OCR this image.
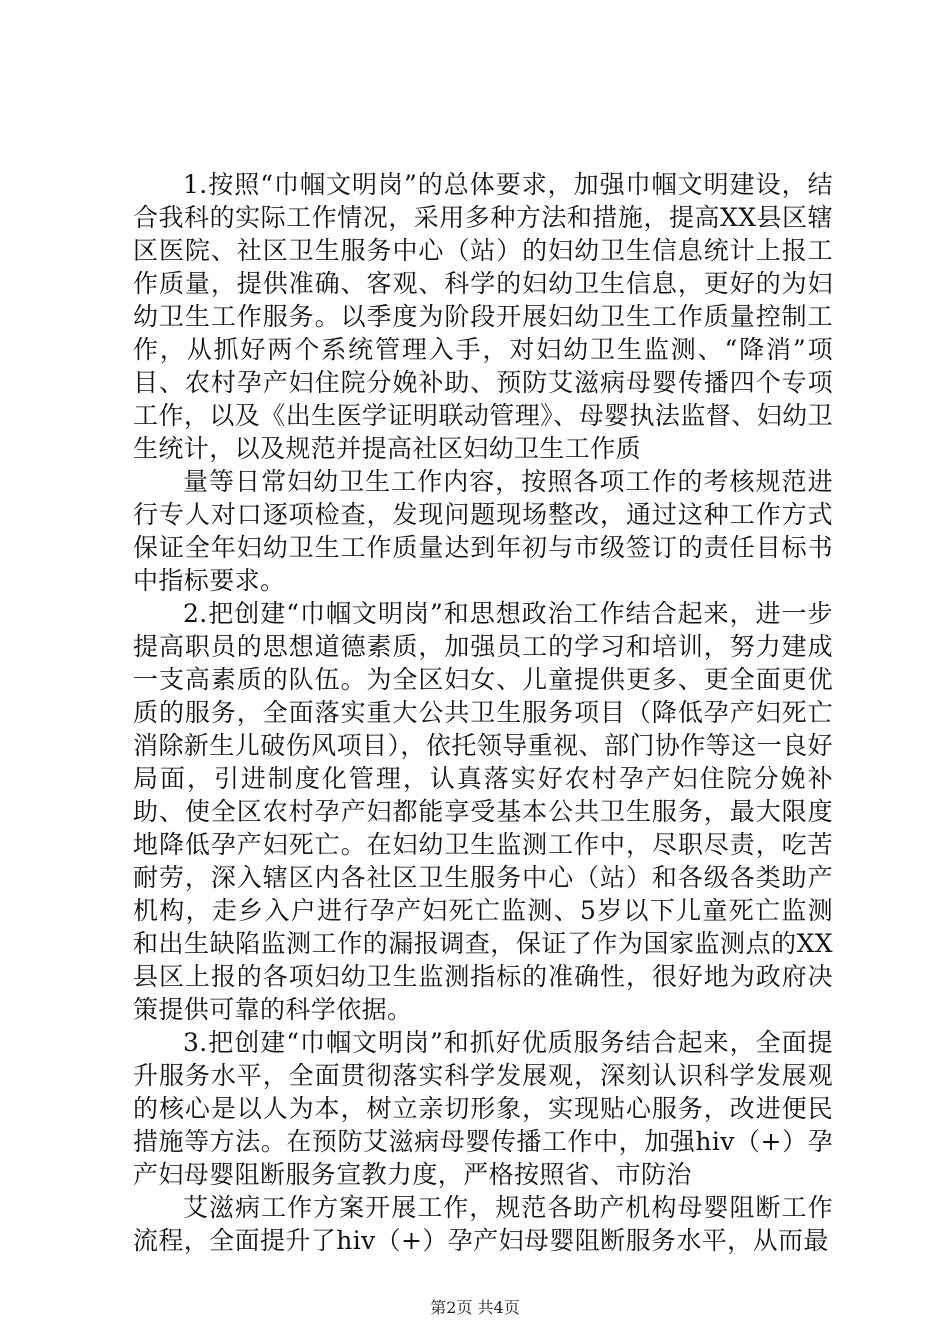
1.按照“巾帼文明岗”的总体要求，加强巾帼文明建设，结合我科的实际工作情况，采用多种方法和措施，提高XX县区辖区医院、社区卫生服务中心（站）的妇幼卫生信息统计上报工作质量，提供准确、客观、科学的妇幼卫生信息，更好的为妇幼卫生工作服务。以季度为阶段开展妇幼卫生工作质量控制工作，从抓好两个系统管理入手，对妇幼卫生监测、“降消”项目、农村孕产妇住院分娩补助、预防艾滋病母婴传播四个专项工作，以及《出生医学证明联动管理》、母婴执法监督、妇幼卫生统计，以及规范并提高社区妇幼卫生工作质

量等日常妇幼卫生工作内容，按照各项工作的考核规范进行专人对口逐项检查，发现问题现场整改，通过这种工作方式保证全年妇幼卫生工作质量达到年初与市级签订的责任目标书中指标要求。

2.把创建“巾帼文明岗”和思想政治工作结合起来，进一步提高职员的思想道德素质，加强员工的学习和培训，努力建成一支高素质的队伍。为全区妇女、儿童提供更多、更全面更优质的服务，全面落实重大公共卫生服务项目（降低孕产妇死亡消除新生儿破伤风项目），依托领导重视、部门协作等这一良好局面，引进制度化管理，认真落实好农村孕产妇住院分娩补助、使全区农村孕产妇都能享受基本公共卫生服务，最大限度地降低孕产妇死亡。在妇幼卫生监测工作中，尽职尽责，吃苦耐劳，深入辖区内各社区卫生服务中心（站）和各级各类助产机构，走乡入户进行孕产妇死亡监测、5岁以下儿童死亡监测和出生缺陷监测工作的漏报调查，保证了作为国家监测点的XX县区上报的各项妇幼卫生监测指标的准确性，很好地为政府决策提供可靠的科学依据。

3.把创建“巾帼文明岗”和抓好优质服务结合起来，全面提升服务水平，全面贯彻落实科学发展观，深刻认识科学发展观的核心是以人为本，树立亲切形象，实现贴心服务，改进便民措施等方法。在预防艾滋病母婴传播工作中，加强hiv（+）孕产妇母婴阻断服务宣教力度，严格按照省、市防治

艾滋病工作方案开展工作，规范各助产机构母婴阻断工作流程，全面提升了hiv（+）孕产妇母婴阻断服务水平，从而最

第2页 共4页
